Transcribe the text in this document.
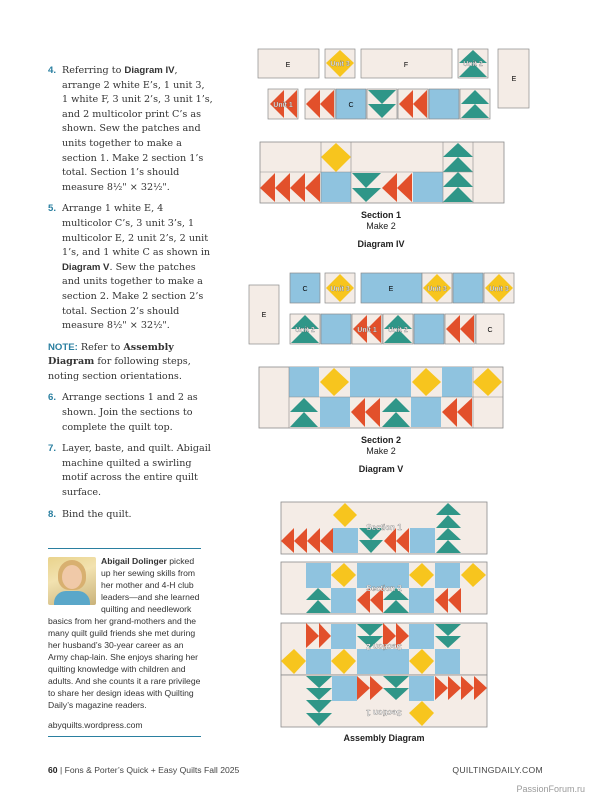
4. Referring to Diagram IV, arrange 2 white E’s, 1 unit 3, 1 white F, 3 unit 2’s, 3 unit 1’s, and 2 multicolor print C’s as shown. Sew the patches and units together to make a section 1. Make 2 section 1’s total. Section 1’s should measure 8½" × 32½".
5. Arrange 1 white E, 4 multicolor C’s, 3 unit 3’s, 1 multicolor E, 2 unit 2’s, 2 unit 1’s, and 1 white C as shown in Diagram V. Sew the patches and units together to make a section 2. Make 2 section 2’s total. Section 2’s should measure 8½" × 32½".
NOTE: Refer to Assembly Diagram for following steps, noting section orientations.
6. Arrange sections 1 and 2 as shown. Join the sections to complete the quilt top.
7. Layer, baste, and quilt. Abigail machine quilted a swirling motif across the entire quilt surface.
8. Bind the quilt.
Abigail Dolinger picked up her sewing skills from her mother and 4-H club leaders—and she learned quilting and needlework basics from her grand-mothers and the many quilt guild friends she met during her husband’s 30-year career as an Army chap-lain. She enjoys sharing her quilting knowledge with children and adults. And she counts it a rare privilege to share her design ideas with Quilting Daily’s magazine readers.
abyquilts.wordpress.com
60 | Fons & Porter’s Quick + Easy Quilts Fall 2025	QUILTINGDAILY.COM
PassionForum.ru
E	Unit 3	F	Unit 2
E
Unit 1	C
Section 1
Make 2
Diagram IV
E
C	Unit 3	E	Unit 3	Unit 3
Unit 2	Unit 1 Unit 2	C
Section 2
Make 2
Diagram V
Section 1
Section 2
Section 2
Section 1
Assembly Diagram
